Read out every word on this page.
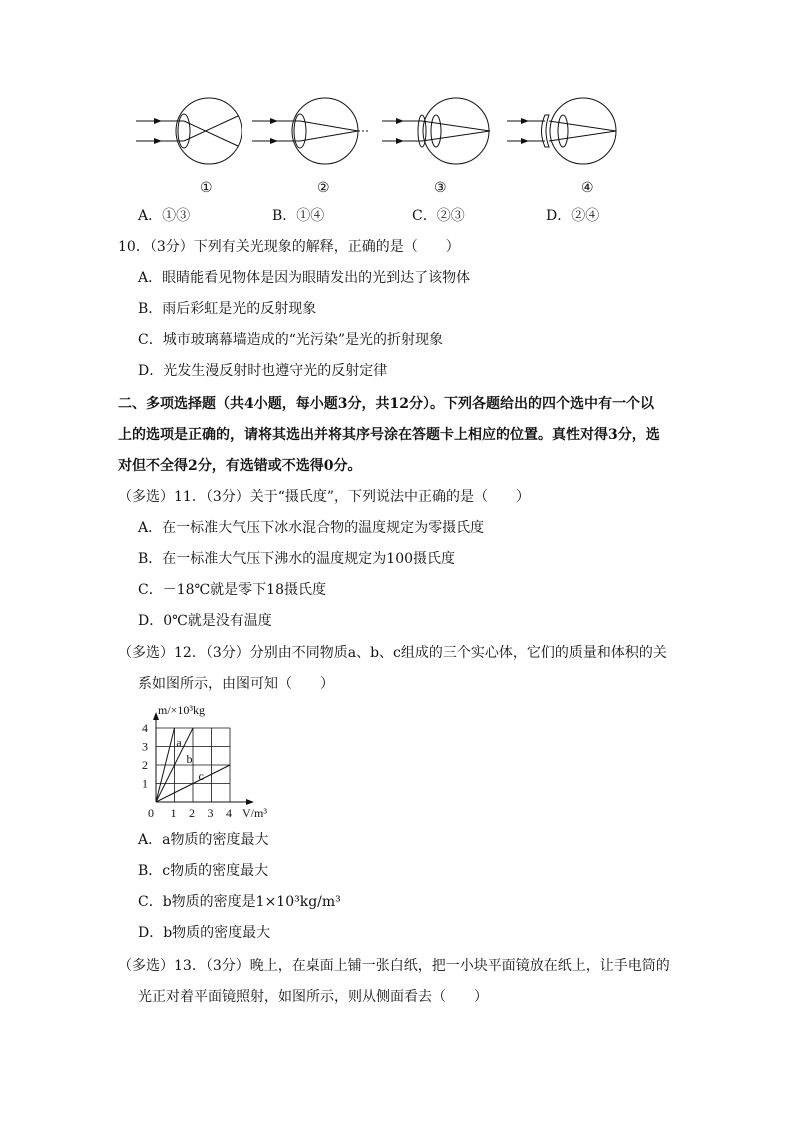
①	②	③	④
A．①③	B．①④	C．②③	D．②④
10．（3分）下列有关光现象的解释，正确的是（　　）
A．眼睛能看见物体是因为眼睛发出的光到达了该物体
B．雨后彩虹是光的反射现象
C．城市玻璃幕墙造成的“光污染”是光的折射现象
D．光发生漫反射时也遵守光的反射定律
二、多项选择题（共4小题，每小题3分，共12分）。下列各题给出的四个选中有一个以
上的选项是正确的，请将其选出并将其序号涂在答题卡上相应的位置。真性对得3分，选
对但不全得2分，有选错或不选得0分。
（多选）11．（3分）关于“摄氏度”，下列说法中正确的是（　　）
A．在一标准大气压下冰水混合物的温度规定为零摄氏度
B．在一标准大气压下沸水的温度规定为100摄氏度
C．－18℃就是零下18摄氏度
D．0℃就是没有温度
（多选）12．（3分）分别由不同物质a、b、c组成的三个实心体，它们的质量和体积的关
系如图所示，由图可知（　　）
0 1 2 3 4
1
2
3
4
m/×10³kg
V/m³
a
b
c
A．a物质的密度最大
B．c物质的密度最大
C．b物质的密度是1×10³kg/m³
D．b物质的密度最大
（多选）13．（3分）晚上，在桌面上铺一张白纸，把一小块平面镜放在纸上，让手电筒的
光正对着平面镜照射，如图所示，则从侧面看去（　　）
